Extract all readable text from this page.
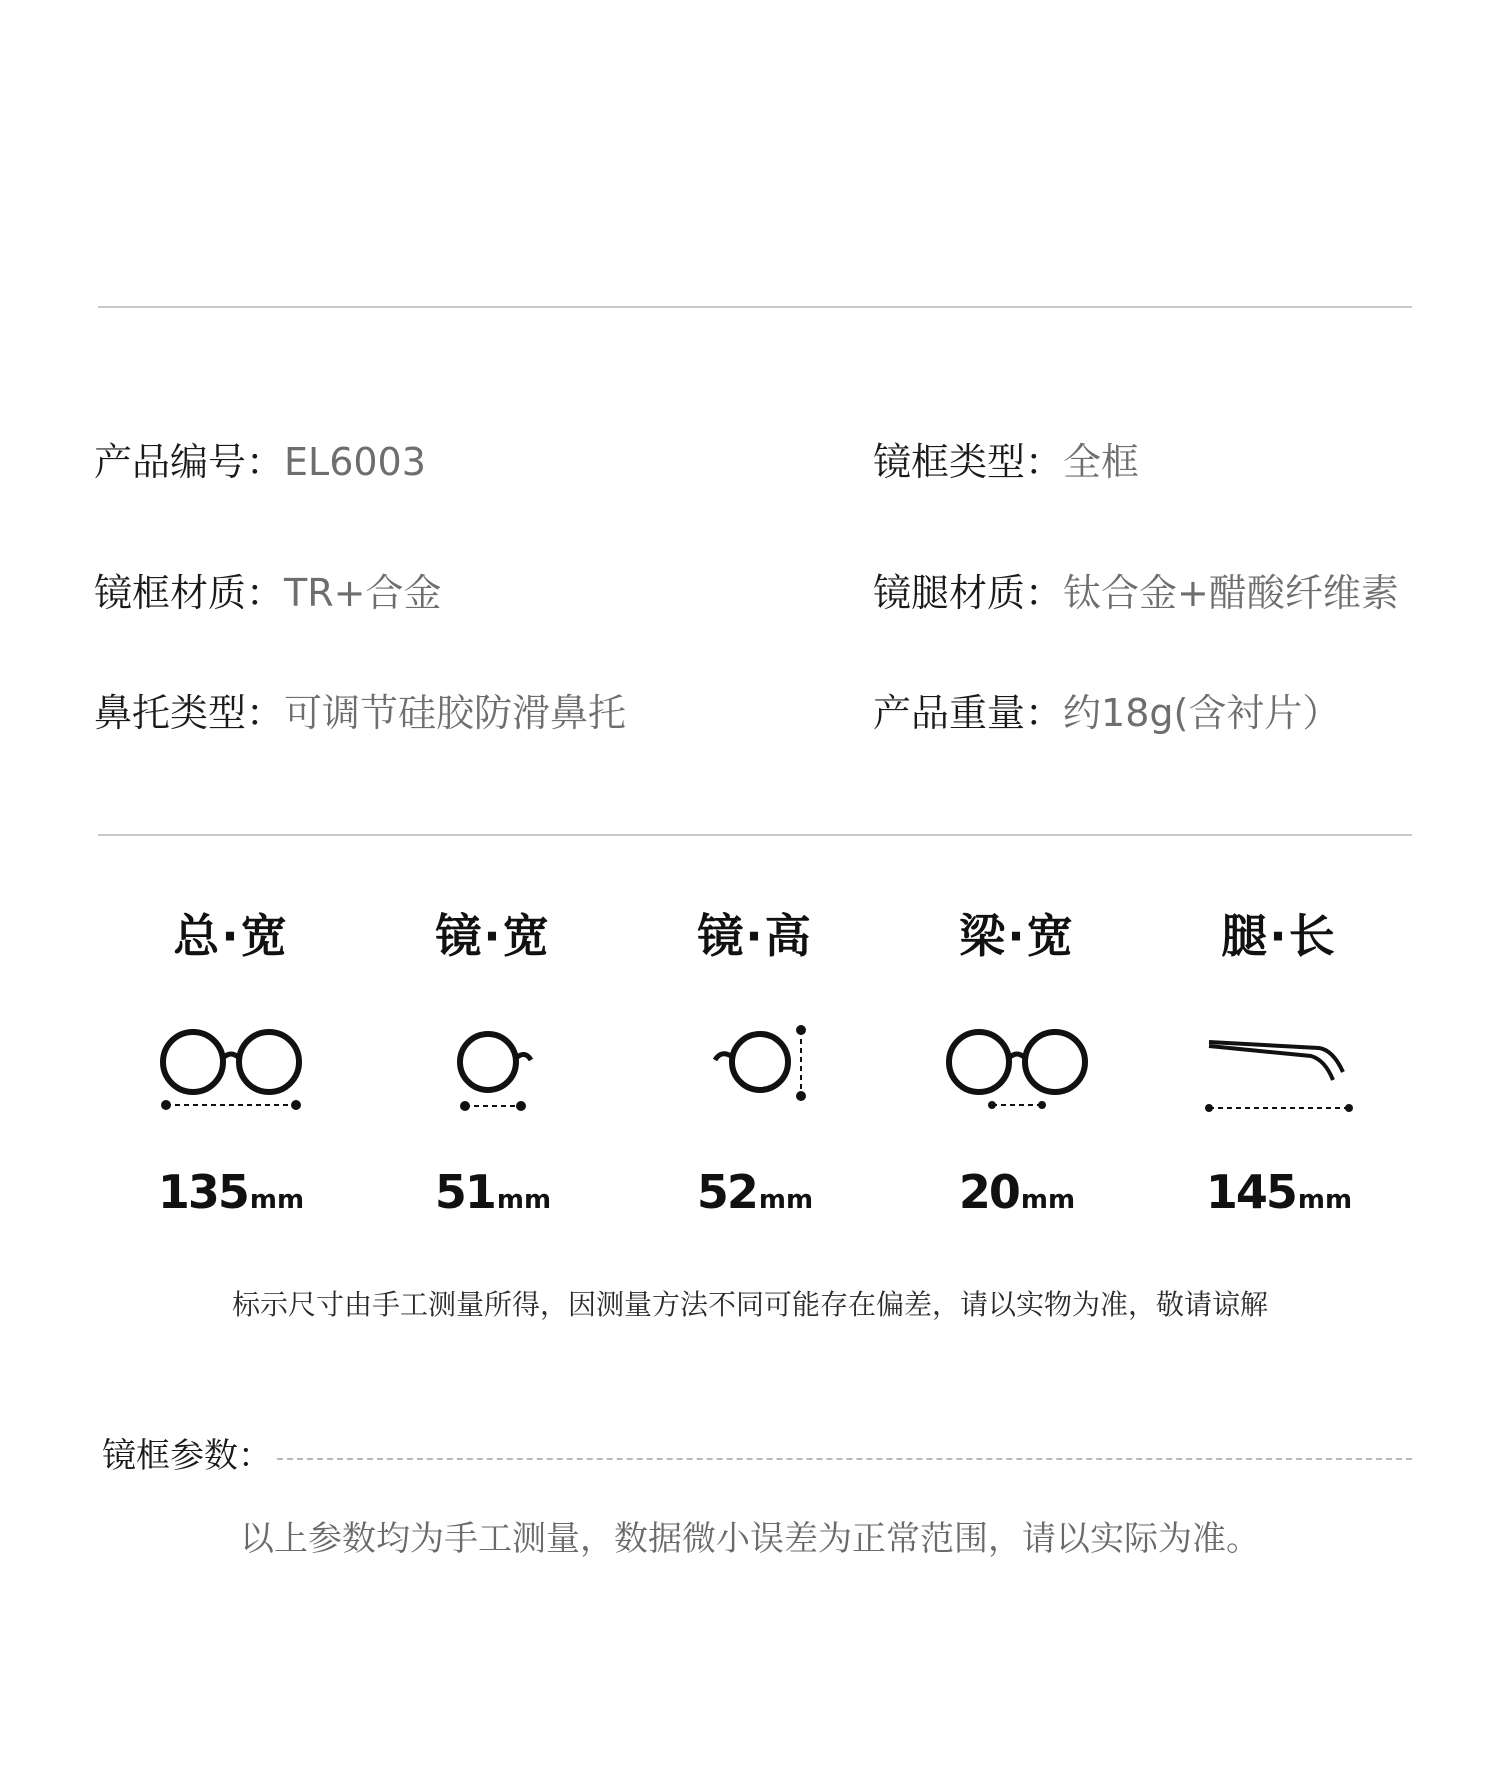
产品编号：EL6003	镜框类型：全框
镜框材质：TR+合金	镜腿材质：钛合金+醋酸纤维素
鼻托类型：可调节硅胶防滑鼻托	产品重量：约18g(含衬片）
总·宽
135mm
镜·宽
51mm
镜·高
52mm
梁·宽
20mm
腿·长
145mm
标示尺寸由手工测量所得，因测量方法不同可能存在偏差，请以实物为准，敬请谅解
镜框参数：
以上参数均为手工测量，数据微小误差为正常范围，请以实际为准。
